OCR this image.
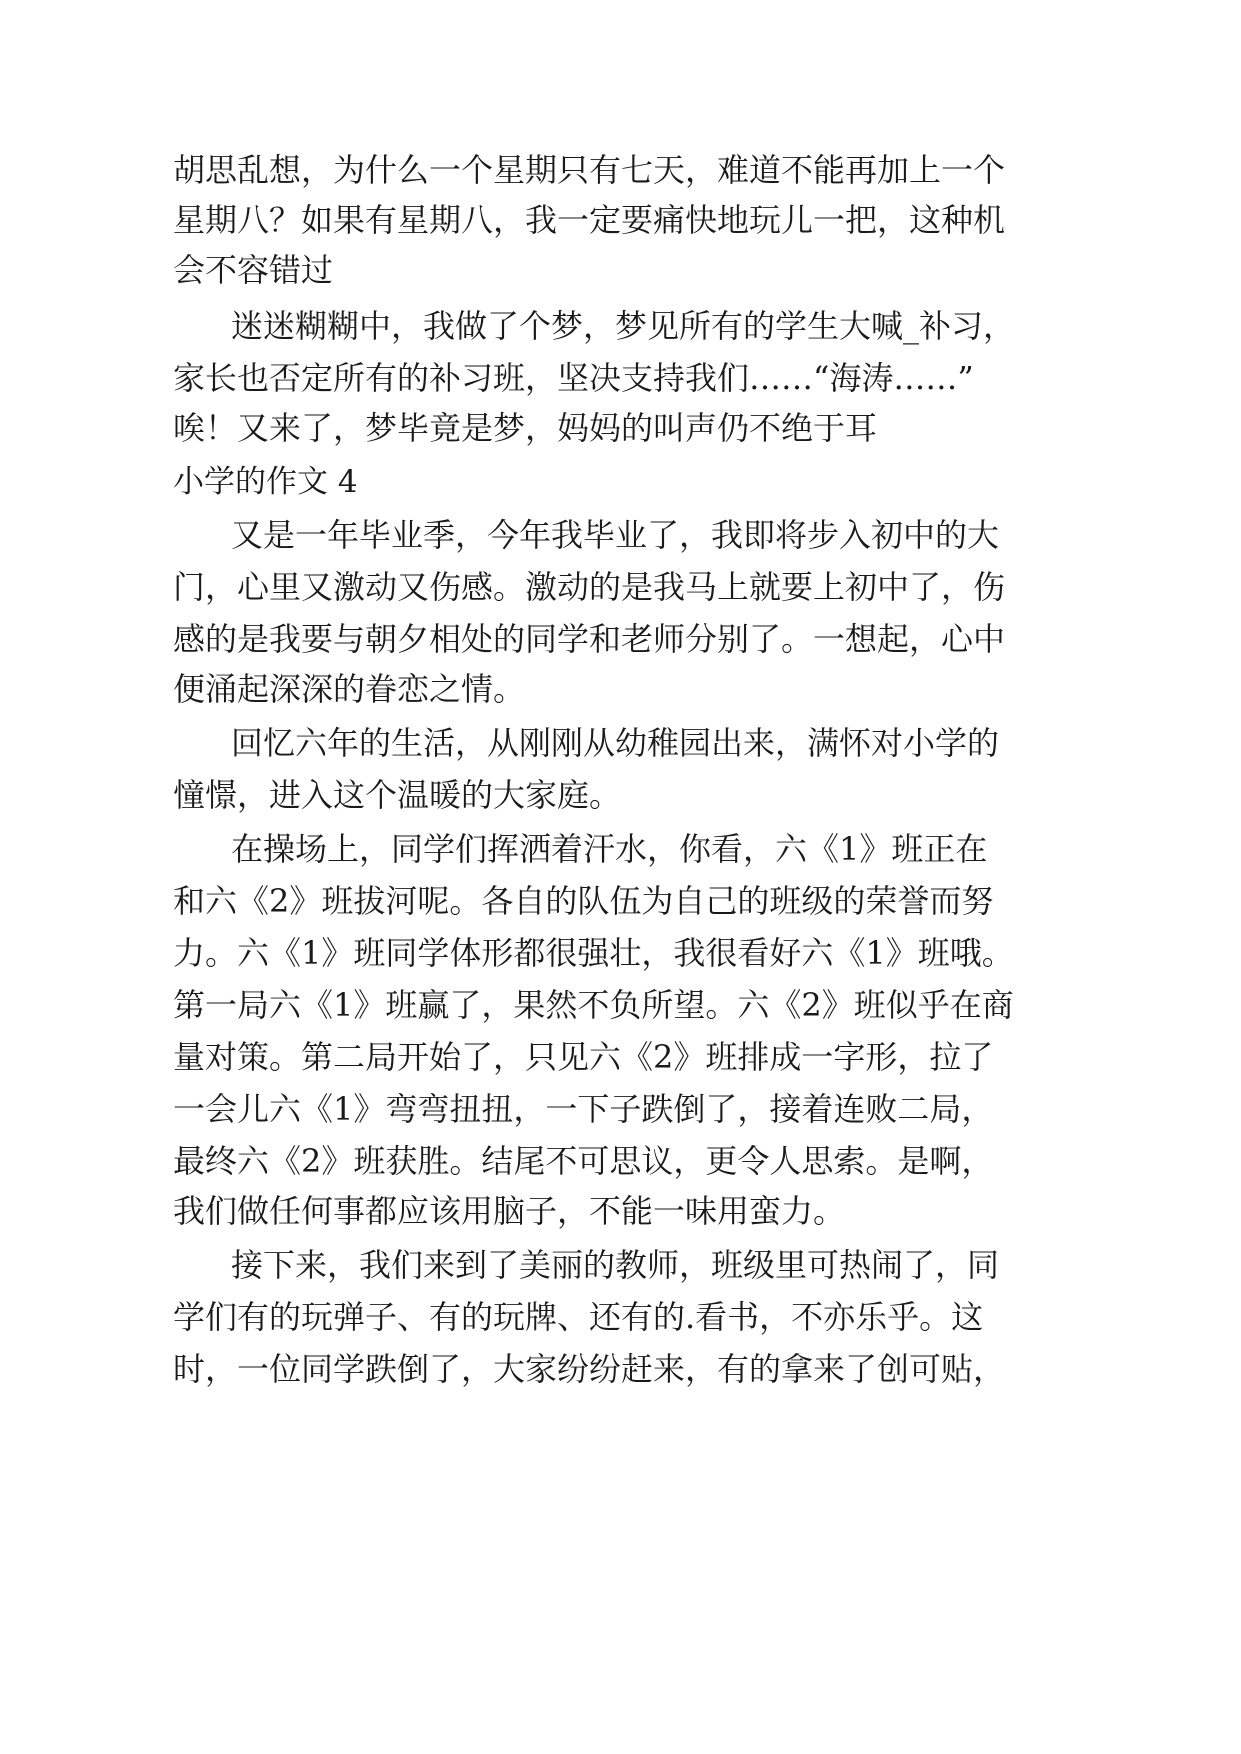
胡思乱想，为什么一个星期只有七天，难道不能再加上一个

星期八？如果有星期八，我一定要痛快地玩儿一把，这种机

会不容错过

迷迷糊糊中，我做了个梦，梦见所有的学生大喊_补习，

家长也否定所有的补习班，坚决支持我们……“海涛……”

唉！又来了，梦毕竟是梦，妈妈的叫声仍不绝于耳

小学的作文 4

又是一年毕业季，今年我毕业了，我即将步入初中的大

门，心里又激动又伤感。激动的是我马上就要上初中了，伤

感的是我要与朝夕相处的同学和老师分别了。一想起，心中

便涌起深深的眷恋之情。

回忆六年的生活，从刚刚从幼稚园出来，满怀对小学的

憧憬，进入这个温暖的大家庭。

在操场上，同学们挥洒着汗水，你看，六《1》班正在

和六《2》班拔河呢。各自的队伍为自己的班级的荣誉而努

力。六《1》班同学体形都很强壮，我很看好六《1》班哦。

第一局六《1》班赢了，果然不负所望。六《2》班似乎在商

量对策。第二局开始了，只见六《2》班排成一字形，拉了

一会儿六《1》弯弯扭扭，一下子跌倒了，接着连败二局，

最终六《2》班获胜。结尾不可思议，更令人思索。是啊，

我们做任何事都应该用脑子，不能一味用蛮力。

接下来，我们来到了美丽的教师，班级里可热闹了，同

学们有的玩弹子、有的玩牌、还有的.看书，不亦乐乎。这

时，一位同学跌倒了，大家纷纷赶来，有的拿来了创可贴，
